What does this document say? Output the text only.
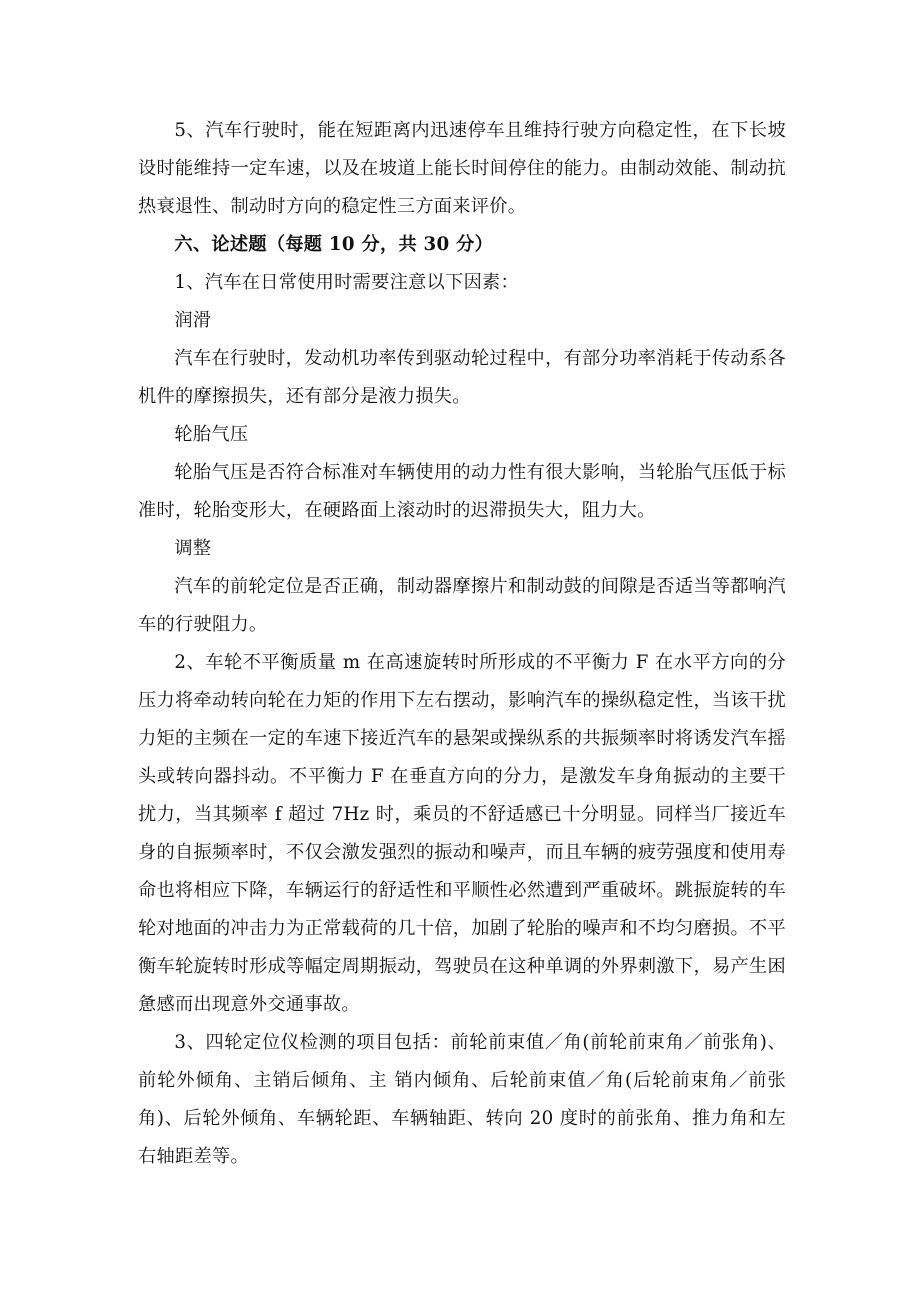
5、汽车行驶时，能在短距离内迅速停车且维持行驶方向稳定性，在下长坡设时能维持一定车速，以及在坡道上能长时间停住的能力。由制动效能、制动抗热衰退性、制动时方向的稳定性三方面来评价。

六、论述题（每题 10 分，共 30 分）

1、汽车在日常使用时需要注意以下因素：

润滑

汽车在行驶时，发动机功率传到驱动轮过程中，有部分功率消耗于传动系各机件的摩擦损失，还有部分是液力损失。

轮胎气压

轮胎气压是否符合标准对车辆使用的动力性有很大影响，当轮胎气压低于标准时，轮胎变形大，在硬路面上滚动时的迟滞损失大，阻力大。

调整

汽车的前轮定位是否正确，制动器摩擦片和制动鼓的间隙是否适当等都响汽车的行驶阻力。

2、车轮不平衡质量 m 在高速旋转时所形成的不平衡力 F 在水平方向的分压力将牵动转向轮在力矩的作用下左右摆动，影响汽车的操纵稳定性，当该干扰力矩的主频在一定的车速下接近汽车的悬架或操纵系的共振频率时将诱发汽车摇头或转向器抖动。不平衡力 F 在垂直方向的分力，是激发车身角振动的主要干扰力，当其频率 f 超过 7Hz 时，乘员的不舒适感已十分明显。同样当厂接近车身的自振频率时，不仅会激发强烈的振动和噪声，而且车辆的疲劳强度和使用寿命也将相应下降，车辆运行的舒适性和平顺性必然遭到严重破坏。跳振旋转的车轮对地面的冲击力为正常载荷的几十倍，加剧了轮胎的噪声和不均匀磨损。不平衡车轮旋转时形成等幅定周期振动，驾驶员在这种单调的外界刺激下，易产生困惫感而出现意外交通事故。

3、四轮定位仪检测的项目包括：前轮前束值／角(前轮前束角／前张角)、前轮外倾角、主销后倾角、主 销内倾角、后轮前束值／角(后轮前束角／前张角)、后轮外倾角、车辆轮距、车辆轴距、转向 20 度时的前张角、推力角和左右轴距差等。
